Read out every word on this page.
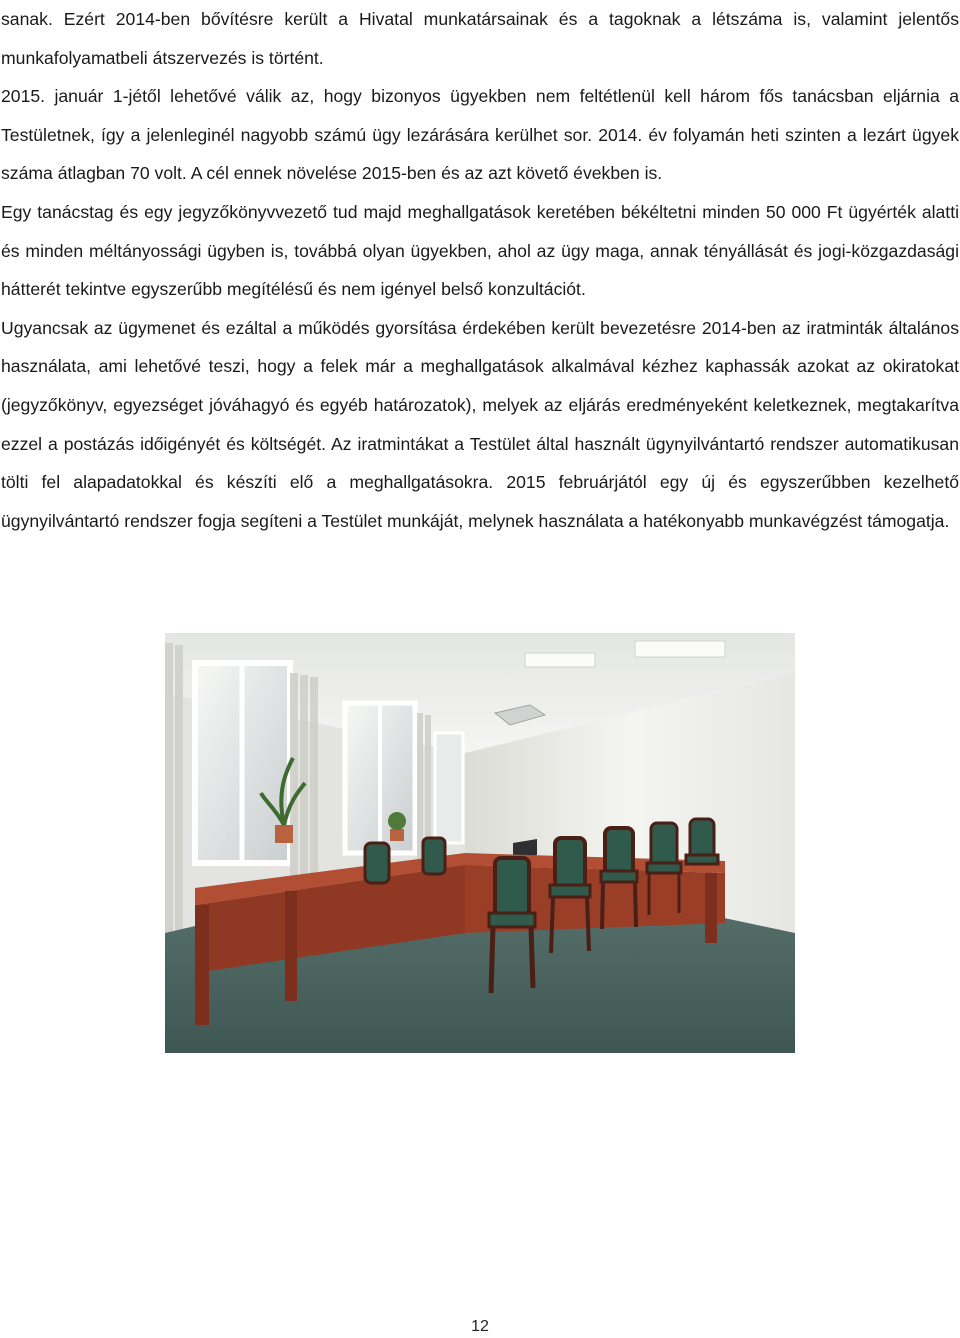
sanak. Ezért 2014-ben bővítésre került a Hivatal munkatársainak és a tagoknak a létszáma is, valamint jelentős munkafolyamatbeli átszervezés is történt.

2015. január 1-jétől lehetővé válik az, hogy bizonyos ügyekben nem feltétlenül kell három fős tanácsban eljárnia a Testületnek, így a jelenleginél nagyobb számú ügy lezárására kerülhet sor. 2014. év folyamán heti szinten a lezárt ügyek száma átlagban 70 volt. A cél ennek növelése 2015-ben és az azt követő években is.

Egy tanácstag és egy jegyzőkönyvvezető tud majd meghallgatások keretében békéltetni minden 50 000 Ft ügyérték alatti és minden méltányossági ügyben is, továbbá olyan ügyekben, ahol az ügy maga, annak tényállását és jogi-közgazdasági hátterét tekintve egyszerűbb megítélésű és nem igényel belső konzultációt.

Ugyancsak az ügymenet és ezáltal a működés gyorsítása érdekében került bevezetésre 2014-ben az iratminták általános használata, ami lehetővé teszi, hogy a felek már a meghallgatások alkalmával kézhez kaphassák azokat az okiratokat (jegyzőkönyv, egyezséget jóváhagyó és egyéb határozatok), melyek az eljárás eredményeként keletkeznek, megtakarítva ezzel a postázás időigényét és költségét. Az iratmintákat a Testület által használt ügynyilvántartó rendszer automatikusan tölti fel alapadatokkal és készíti elő a meghallgatásokra. 2015 februárjától egy új és egyszerűbben kezelhető ügynyilvántartó rendszer fogja segíteni a Testület munkáját, melynek használata a hatékonyabb munkavégzést támogatja.

12
